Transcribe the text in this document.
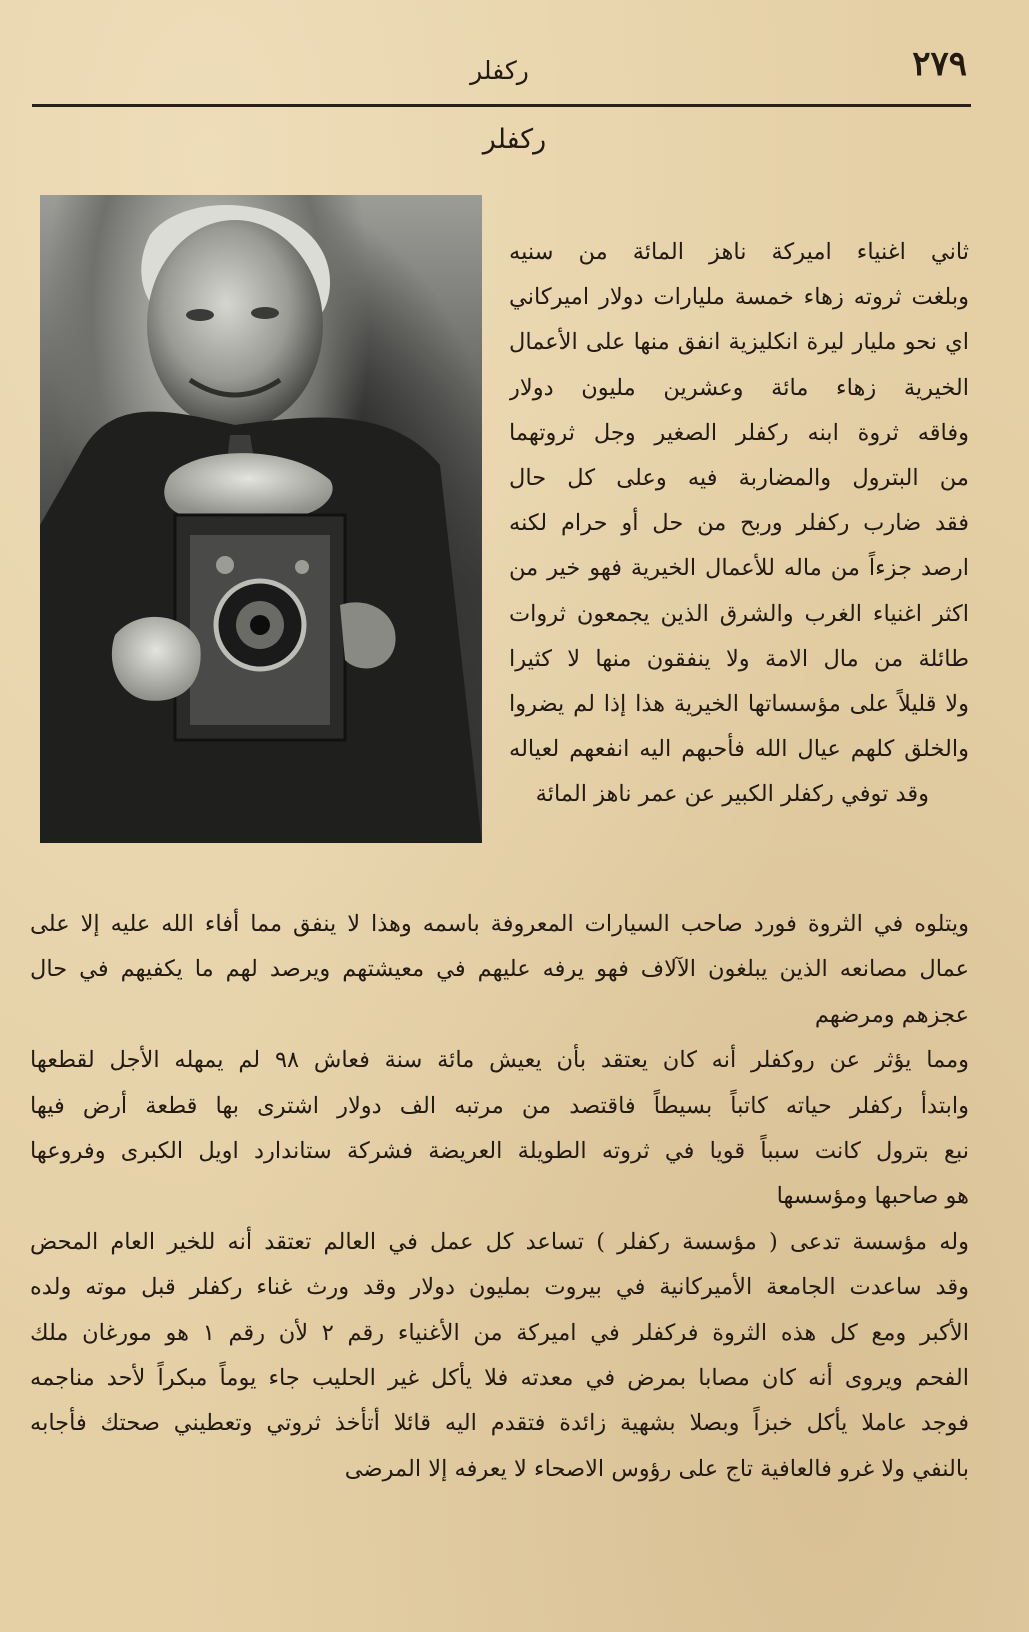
٢٧٩
ركفلر
ركفلر
ثاني اغنياء اميركة ناهز المائة من سنيه
وبلغت ثروته زهاء خمسة مليارات دولار اميركاني
اي نحو مليار ليرة انكليزية انفق منها على الأعمال
الخيرية زهاء مائة وعشرين مليون دولار
وفاقه ثروة ابنه ركفلر الصغير وجل ثروتهما
من البترول والمضاربة فيه وعلى كل حال
فقد ضارب ركفلر وربح من حل أو حرام لكنه
ارصد جزءاً من ماله للأعمال الخيرية فهو خير من
اكثر اغنياء الغرب والشرق الذين يجمعون ثروات
طائلة من مال الامة ولا ينفقون منها لا كثيرا
ولا قليلاً على مؤسساتها الخيرية هذا إذا لم يضروا
والخلق كلهم عيال الله فأحبهم اليه انفعهم لعياله
وقد توفي ركفلر الكبير عن عمر ناهز المائة
ويتلوه في الثروة فورد صاحب السيارات المعروفة باسمه وهذا لا ينفق مما أفاء الله عليه إلا على
عمال مصانعه الذين يبلغون الآلاف فهو يرفه عليهم في معيشتهم ويرصد لهم ما يكفيهم في حال
عجزهم ومرضهم
ومما يؤثر عن روكفلر أنه كان يعتقد بأن يعيش مائة سنة فعاش ٩٨ لم يمهله الأجل لقطعها
وابتدأ ركفلر حياته كاتباً بسيطاً فاقتصد من مرتبه الف دولار اشترى بها قطعة أرض فيها
نبع بترول كانت سبباً قويا في ثروته الطويلة العريضة فشركة ستاندارد اويل الكبرى وفروعها
هو صاحبها ومؤسسها
وله مؤسسة تدعى ( مؤسسة ركفلر ) تساعد كل عمل في العالم تعتقد أنه للخير العام المحض
وقد ساعدت الجامعة الأميركانية في بيروت بمليون دولار وقد ورث غناء ركفلر قبل موته ولده
الأكبر ومع كل هذه الثروة فركفلر في اميركة من الأغنياء رقم ٢ لأن رقم ١ هو مورغان ملك
الفحم ويروى أنه كان مصابا بمرض في معدته فلا يأكل غير الحليب جاء يوماً مبكراً لأحد مناجمه
فوجد عاملا يأكل خبزاً وبصلا بشهية زائدة فتقدم اليه قائلا أتأخذ ثروتي وتعطيني صحتك فأجابه
بالنفي ولا غرو فالعافية تاج على رؤوس الاصحاء لا يعرفه إلا المرضى
